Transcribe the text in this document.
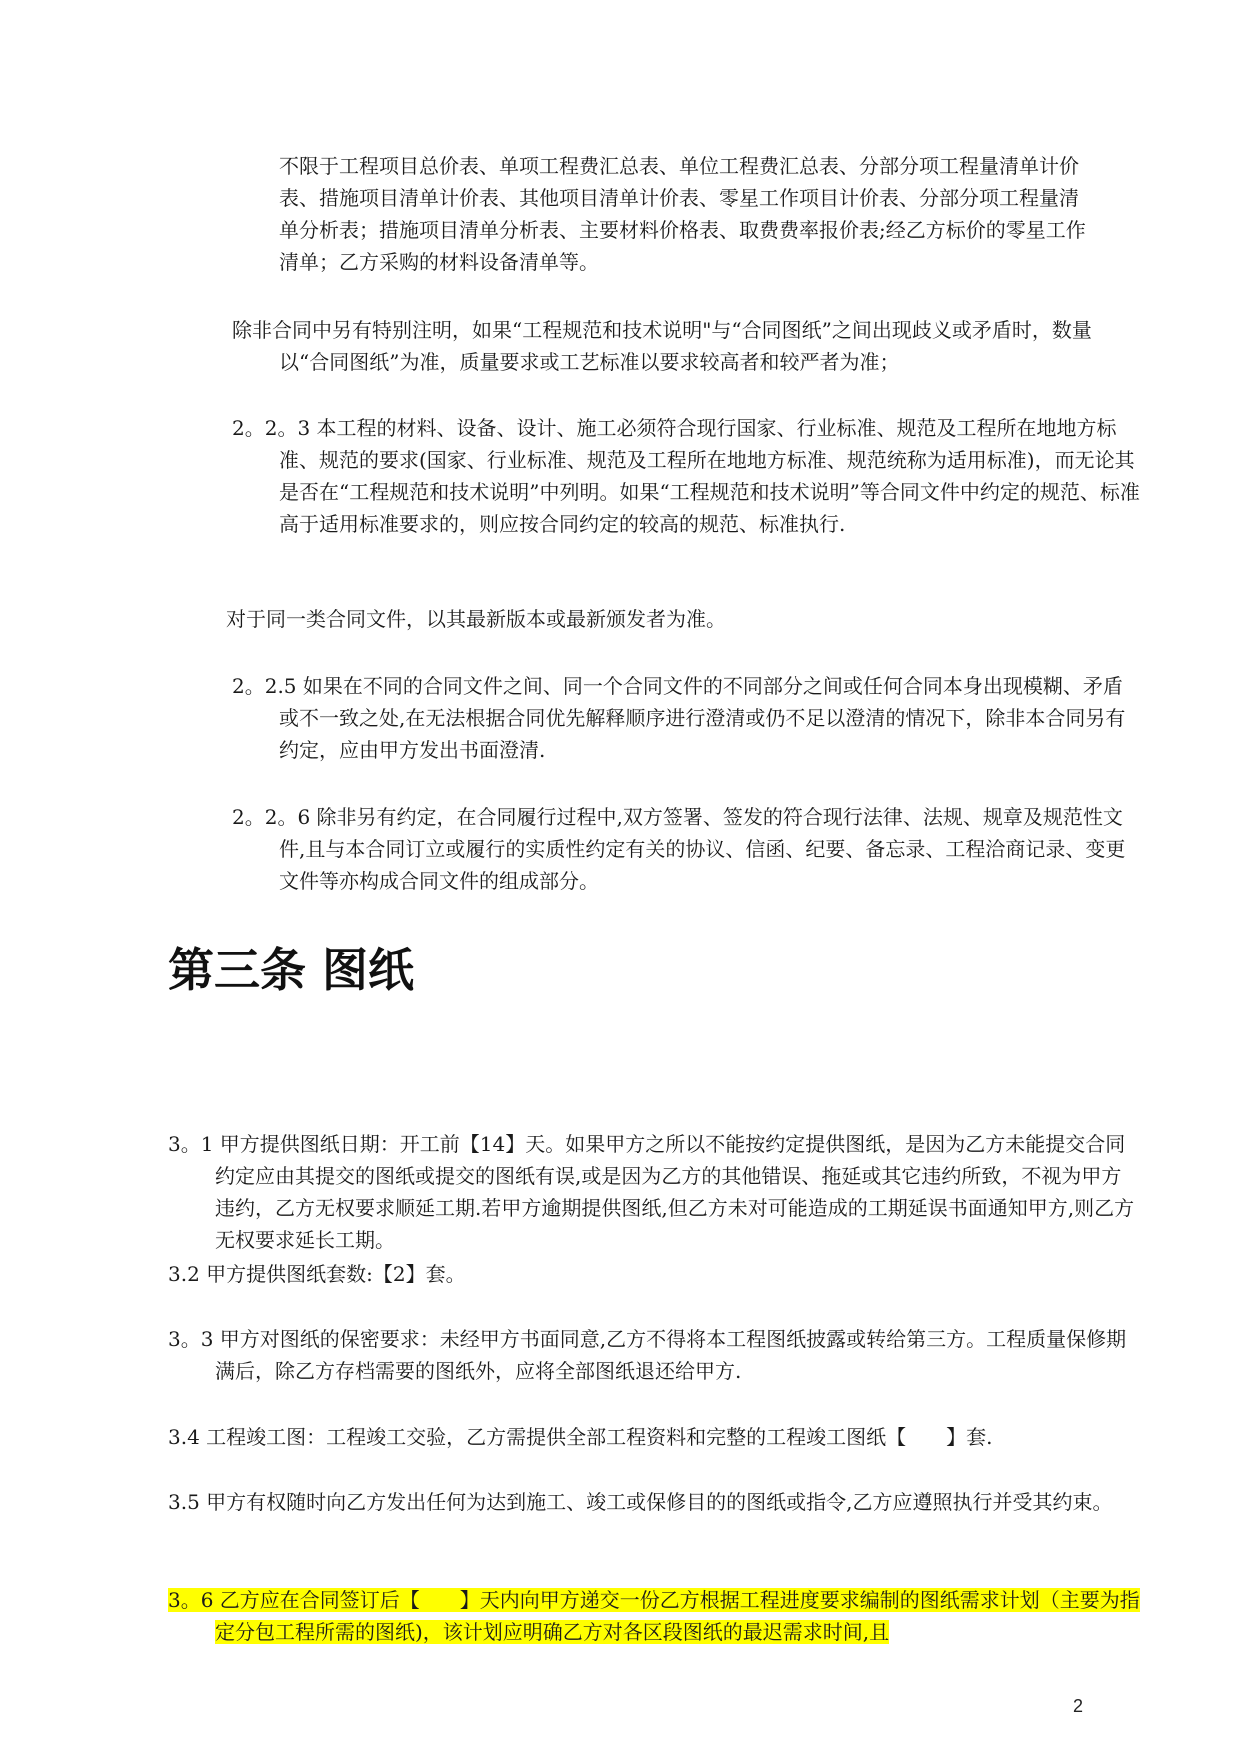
不限于工程项目总价表、单项工程费汇总表、单位工程费汇总表、分部分项工程量清单计价表、措施项目清单计价表、其他项目清单计价表、零星工作项目计价表、分部分项工程量清单分析表；措施项目清单分析表、主要材料价格表、取费费率报价表;经乙方标价的零星工作清单；乙方采购的材料设备清单等。

除非合同中另有特别注明，如果“工程规范和技术说明"与“合同图纸”之间出现歧义或矛盾时，数量以“合同图纸”为准，质量要求或工艺标准以要求较高者和较严者为准；

2。2。3 本工程的材料、设备、设计、施工必须符合现行国家、行业标准、规范及工程所在地地方标准、规范的要求(国家、行业标准、规范及工程所在地地方标准、规范统称为适用标准)，而无论其是否在“工程规范和技术说明”中列明。如果“工程规范和技术说明”等合同文件中约定的规范、标准高于适用标准要求的，则应按合同约定的较高的规范、标准执行.

对于同一类合同文件，以其最新版本或最新颁发者为准。

2。2.5 如果在不同的合同文件之间、同一个合同文件的不同部分之间或任何合同本身出现模糊、矛盾或不一致之处,在无法根据合同优先解释顺序进行澄清或仍不足以澄清的情况下，除非本合同另有约定，应由甲方发出书面澄清.

2。2。6 除非另有约定，在合同履行过程中,双方签署、签发的符合现行法律、法规、规章及规范性文件,且与本合同订立或履行的实质性约定有关的协议、信函、纪要、备忘录、工程洽商记录、变更文件等亦构成合同文件的组成部分。

第三条 图纸

3。1 甲方提供图纸日期：开工前【14】天。如果甲方之所以不能按约定提供图纸，是因为乙方未能提交合同约定应由其提交的图纸或提交的图纸有误,或是因为乙方的其他错误、拖延或其它违约所致，不视为甲方违约，乙方无权要求顺延工期.若甲方逾期提供图纸,但乙方未对可能造成的工期延误书面通知甲方,则乙方无权要求延长工期。

3.2 甲方提供图纸套数:【2】套。

3。3 甲方对图纸的保密要求：未经甲方书面同意,乙方不得将本工程图纸披露或转给第三方。工程质量保修期满后，除乙方存档需要的图纸外，应将全部图纸退还给甲方.

3.4 工程竣工图：工程竣工交验，乙方需提供全部工程资料和完整的工程竣工图纸【　　】套.

3.5 甲方有权随时向乙方发出任何为达到施工、竣工或保修目的的图纸或指令,乙方应遵照执行并受其约束。

3。6 乙方应在合同签订后【　　】天内向甲方递交一份乙方根据工程进度要求编制的图纸需求计划（主要为指定分包工程所需的图纸)，该计划应明确乙方对各区段图纸的最迟需求时间,且

2
